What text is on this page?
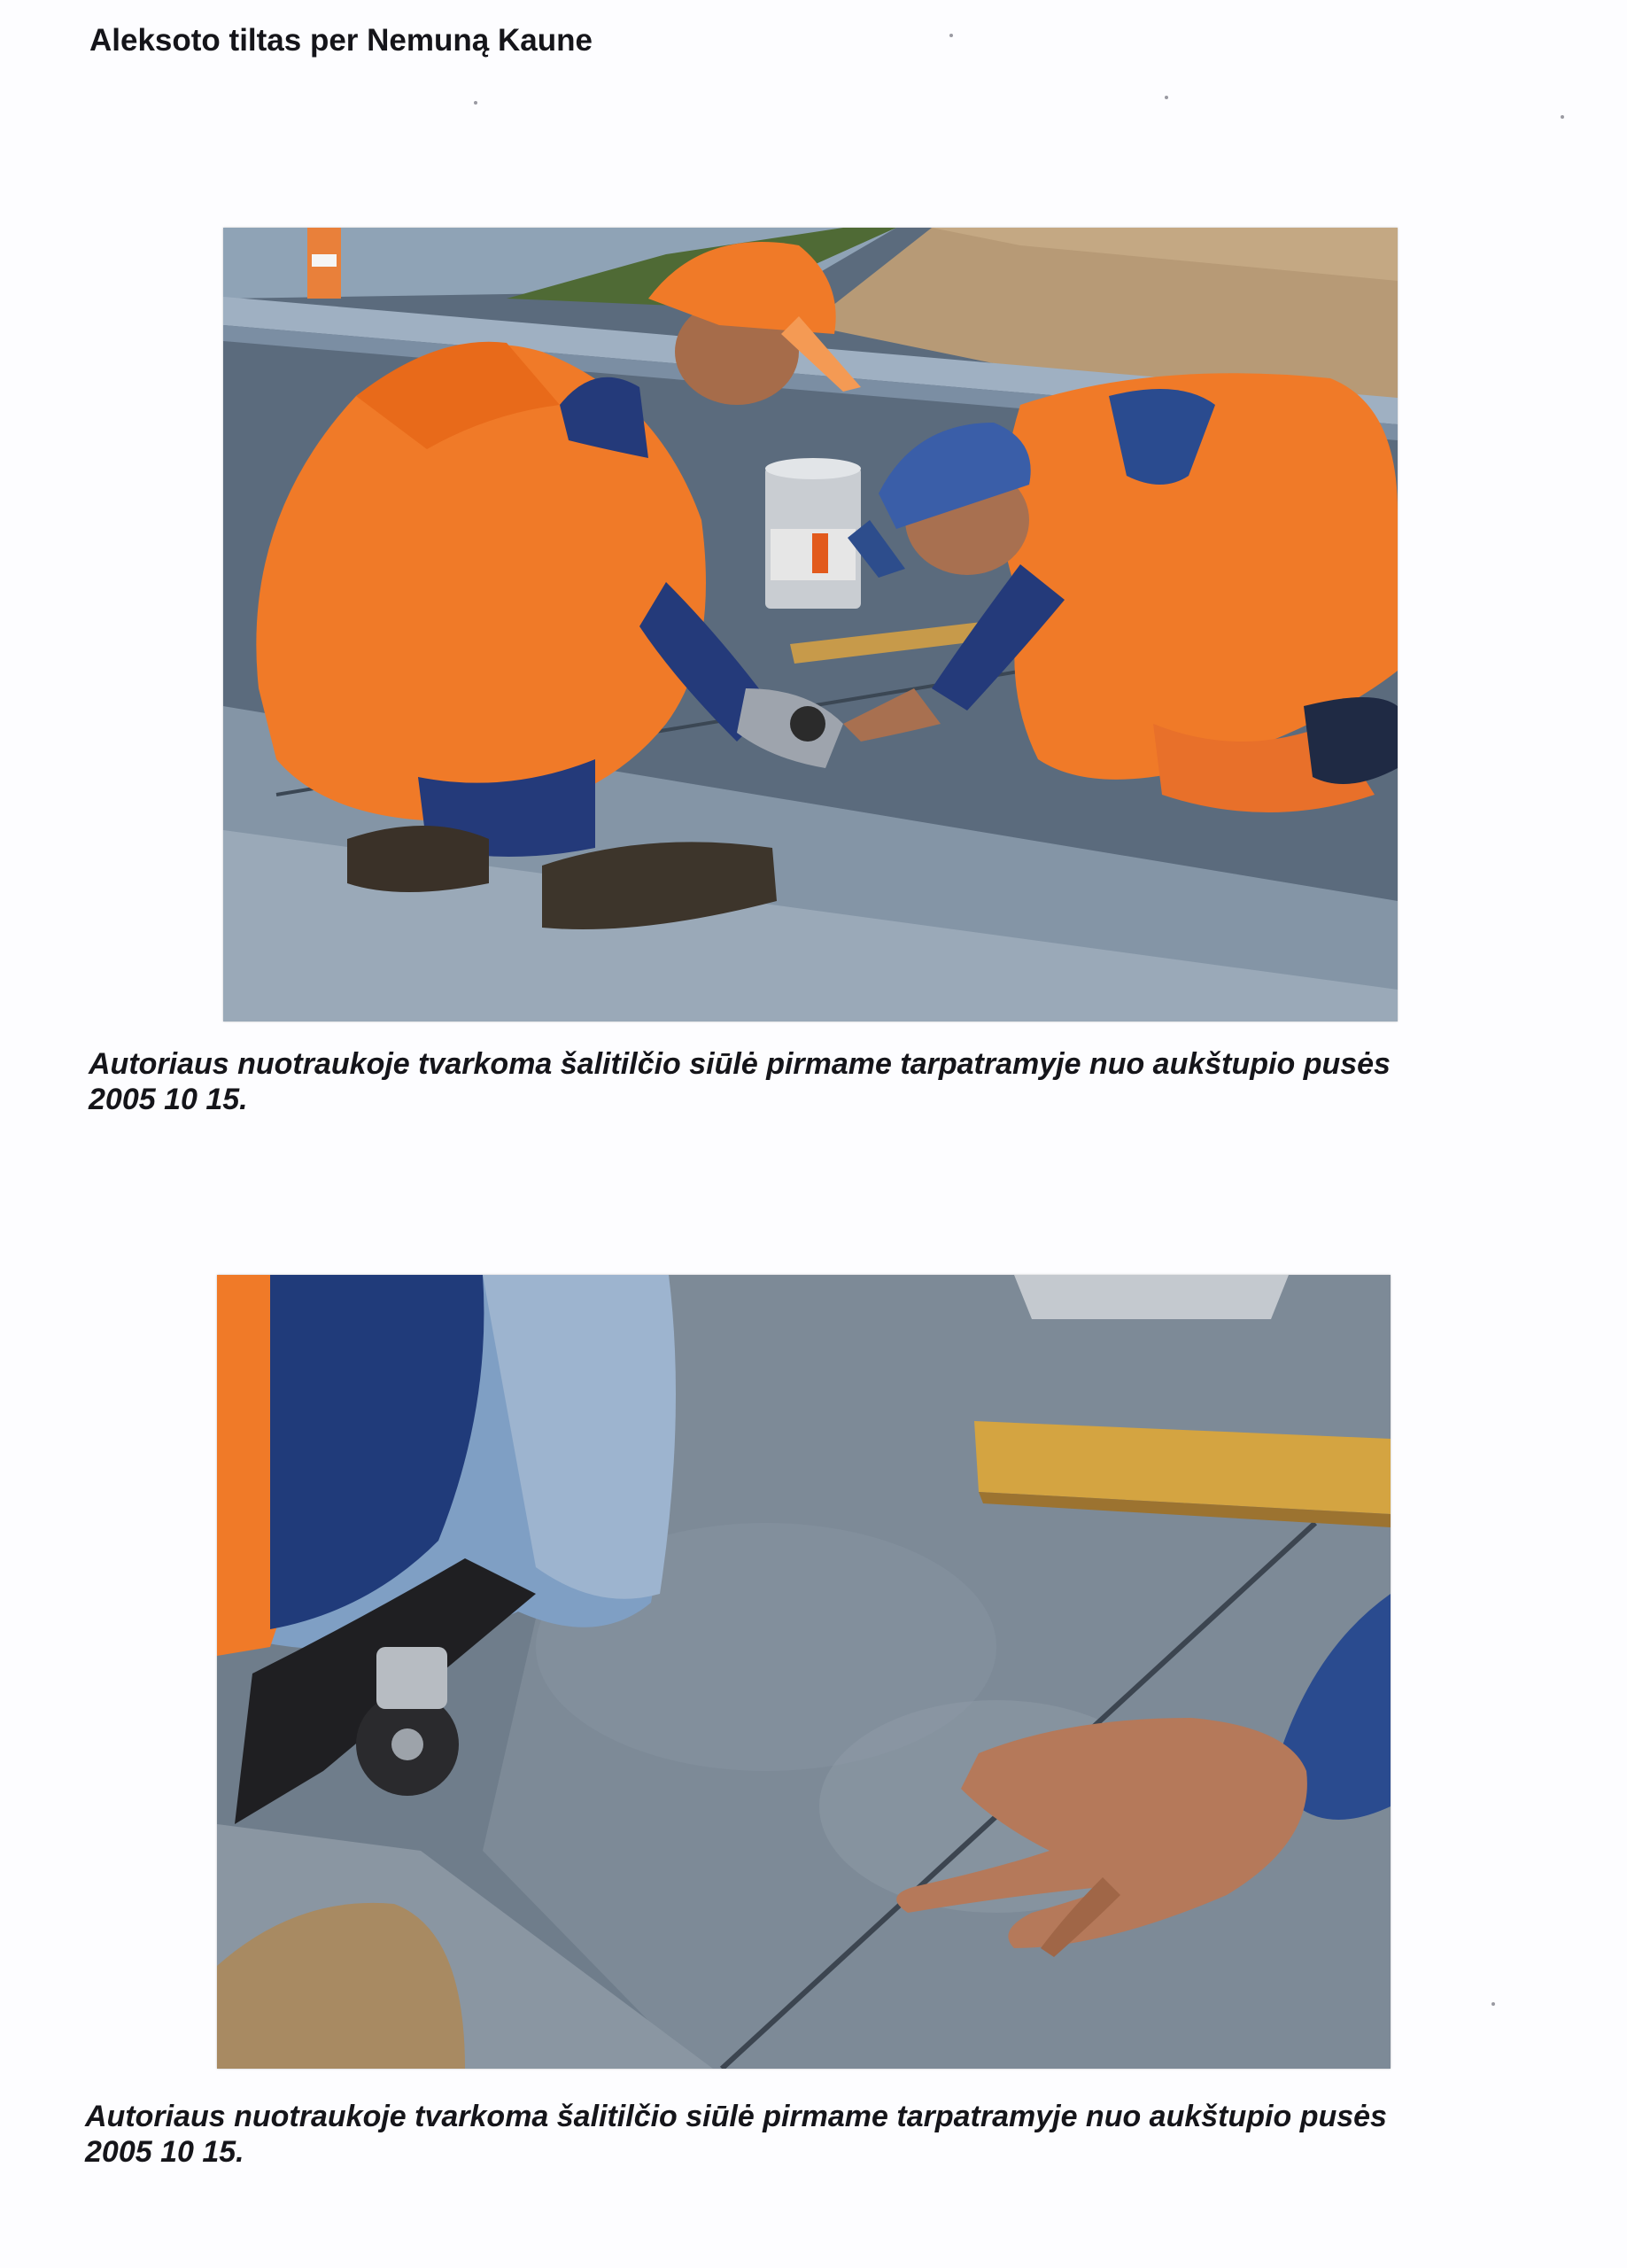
Aleksoto tiltas per Nemuną Kaune
Autoriaus nuotraukoje tvarkoma šalitilčio siūlė pirmame tarpatramyje nuo aukštupio pusės
2005 10 15.
Autoriaus nuotraukoje tvarkoma šalitilčio siūlė pirmame tarpatramyje nuo aukštupio pusės
2005 10 15.
